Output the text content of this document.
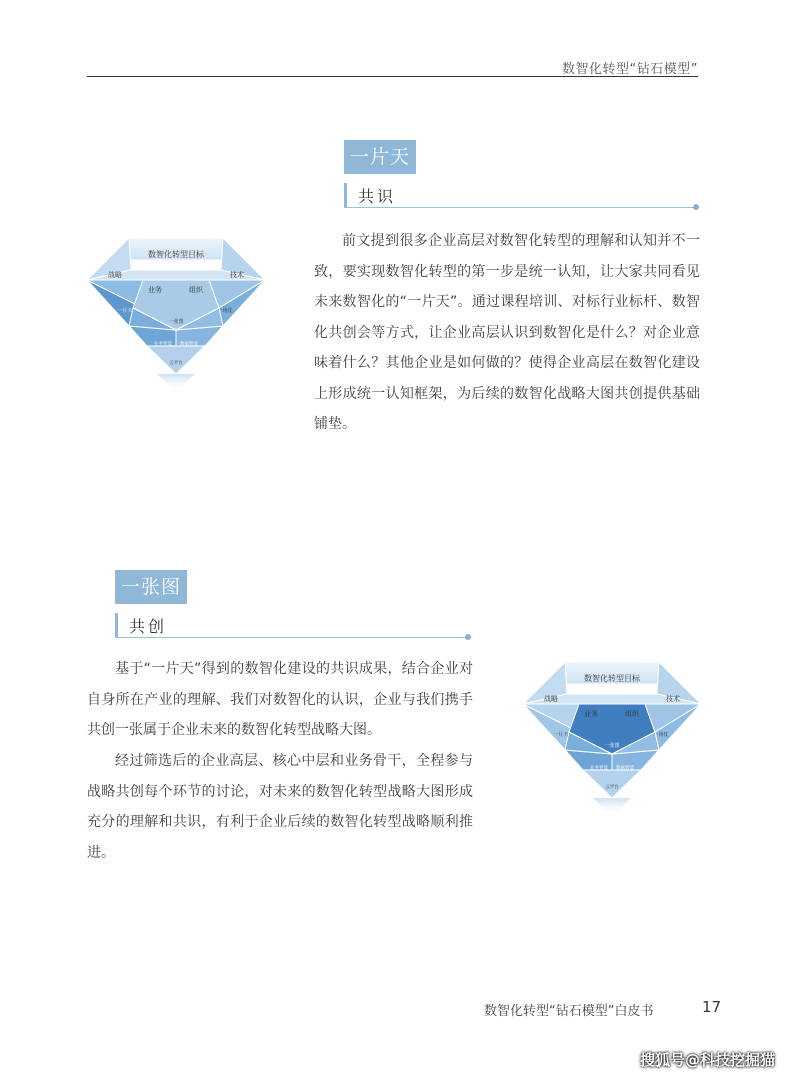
数智化转型“钻石模型”
一片天
共识

前文提到很多企业高层对数智化转型的理解和认知并不一致，要实现数智化转型的第一步是统一认知，让大家共同看见未来数智化的“一片天”。通过课程培训、对标行业标杆、数智化共创会等方式，让企业高层认识到数智化是什么？对企业意味着什么？其他企业是如何做的？使得企业高层在数智化建设上形成统一认知框架，为后续的数智化战略大图共创提供基础铺垫。

数智化转型目标
战略	技术
业务	组织
一片天	一场仗
一张图
业务智能 数据智能
云平台
一张图
共创

基于“一片天”得到的数智化建设的共识成果，结合企业对自身所在产业的理解、我们对数智化的认识，企业与我们携手共创一张属于企业未来的数智化转型战略大图。

经过筛选后的企业高层、核心中层和业务骨干，全程参与战略共创每个环节的讨论，对未来的数智化转型战略大图形成充分的理解和共识，有利于企业后续的数智化转型战略顺利推进。

数智化转型目标
战略	技术
业务	组织
一片天	一场仗
一张图
业务智能 数据智能
云平台
数智化转型“钻石模型”白皮书	17
搜狐号@科技挖掘猫
